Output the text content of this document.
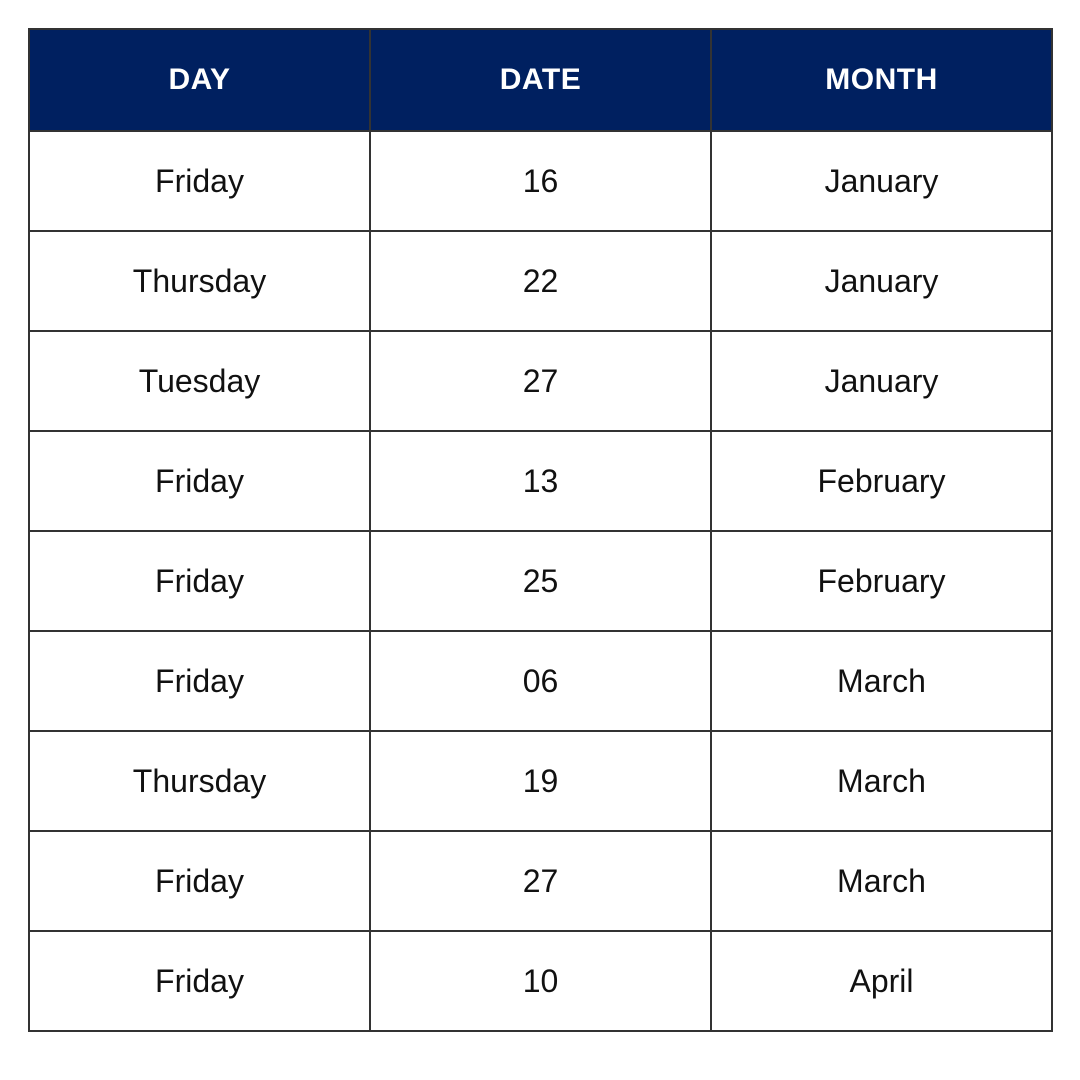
DAY	DATE	MONTH
Friday	16	January
Thursday	22	January
Tuesday	27	January
Friday	13	February
Friday	25	February
Friday	06	March
Thursday	19	March
Friday	27	March
Friday	10	April
